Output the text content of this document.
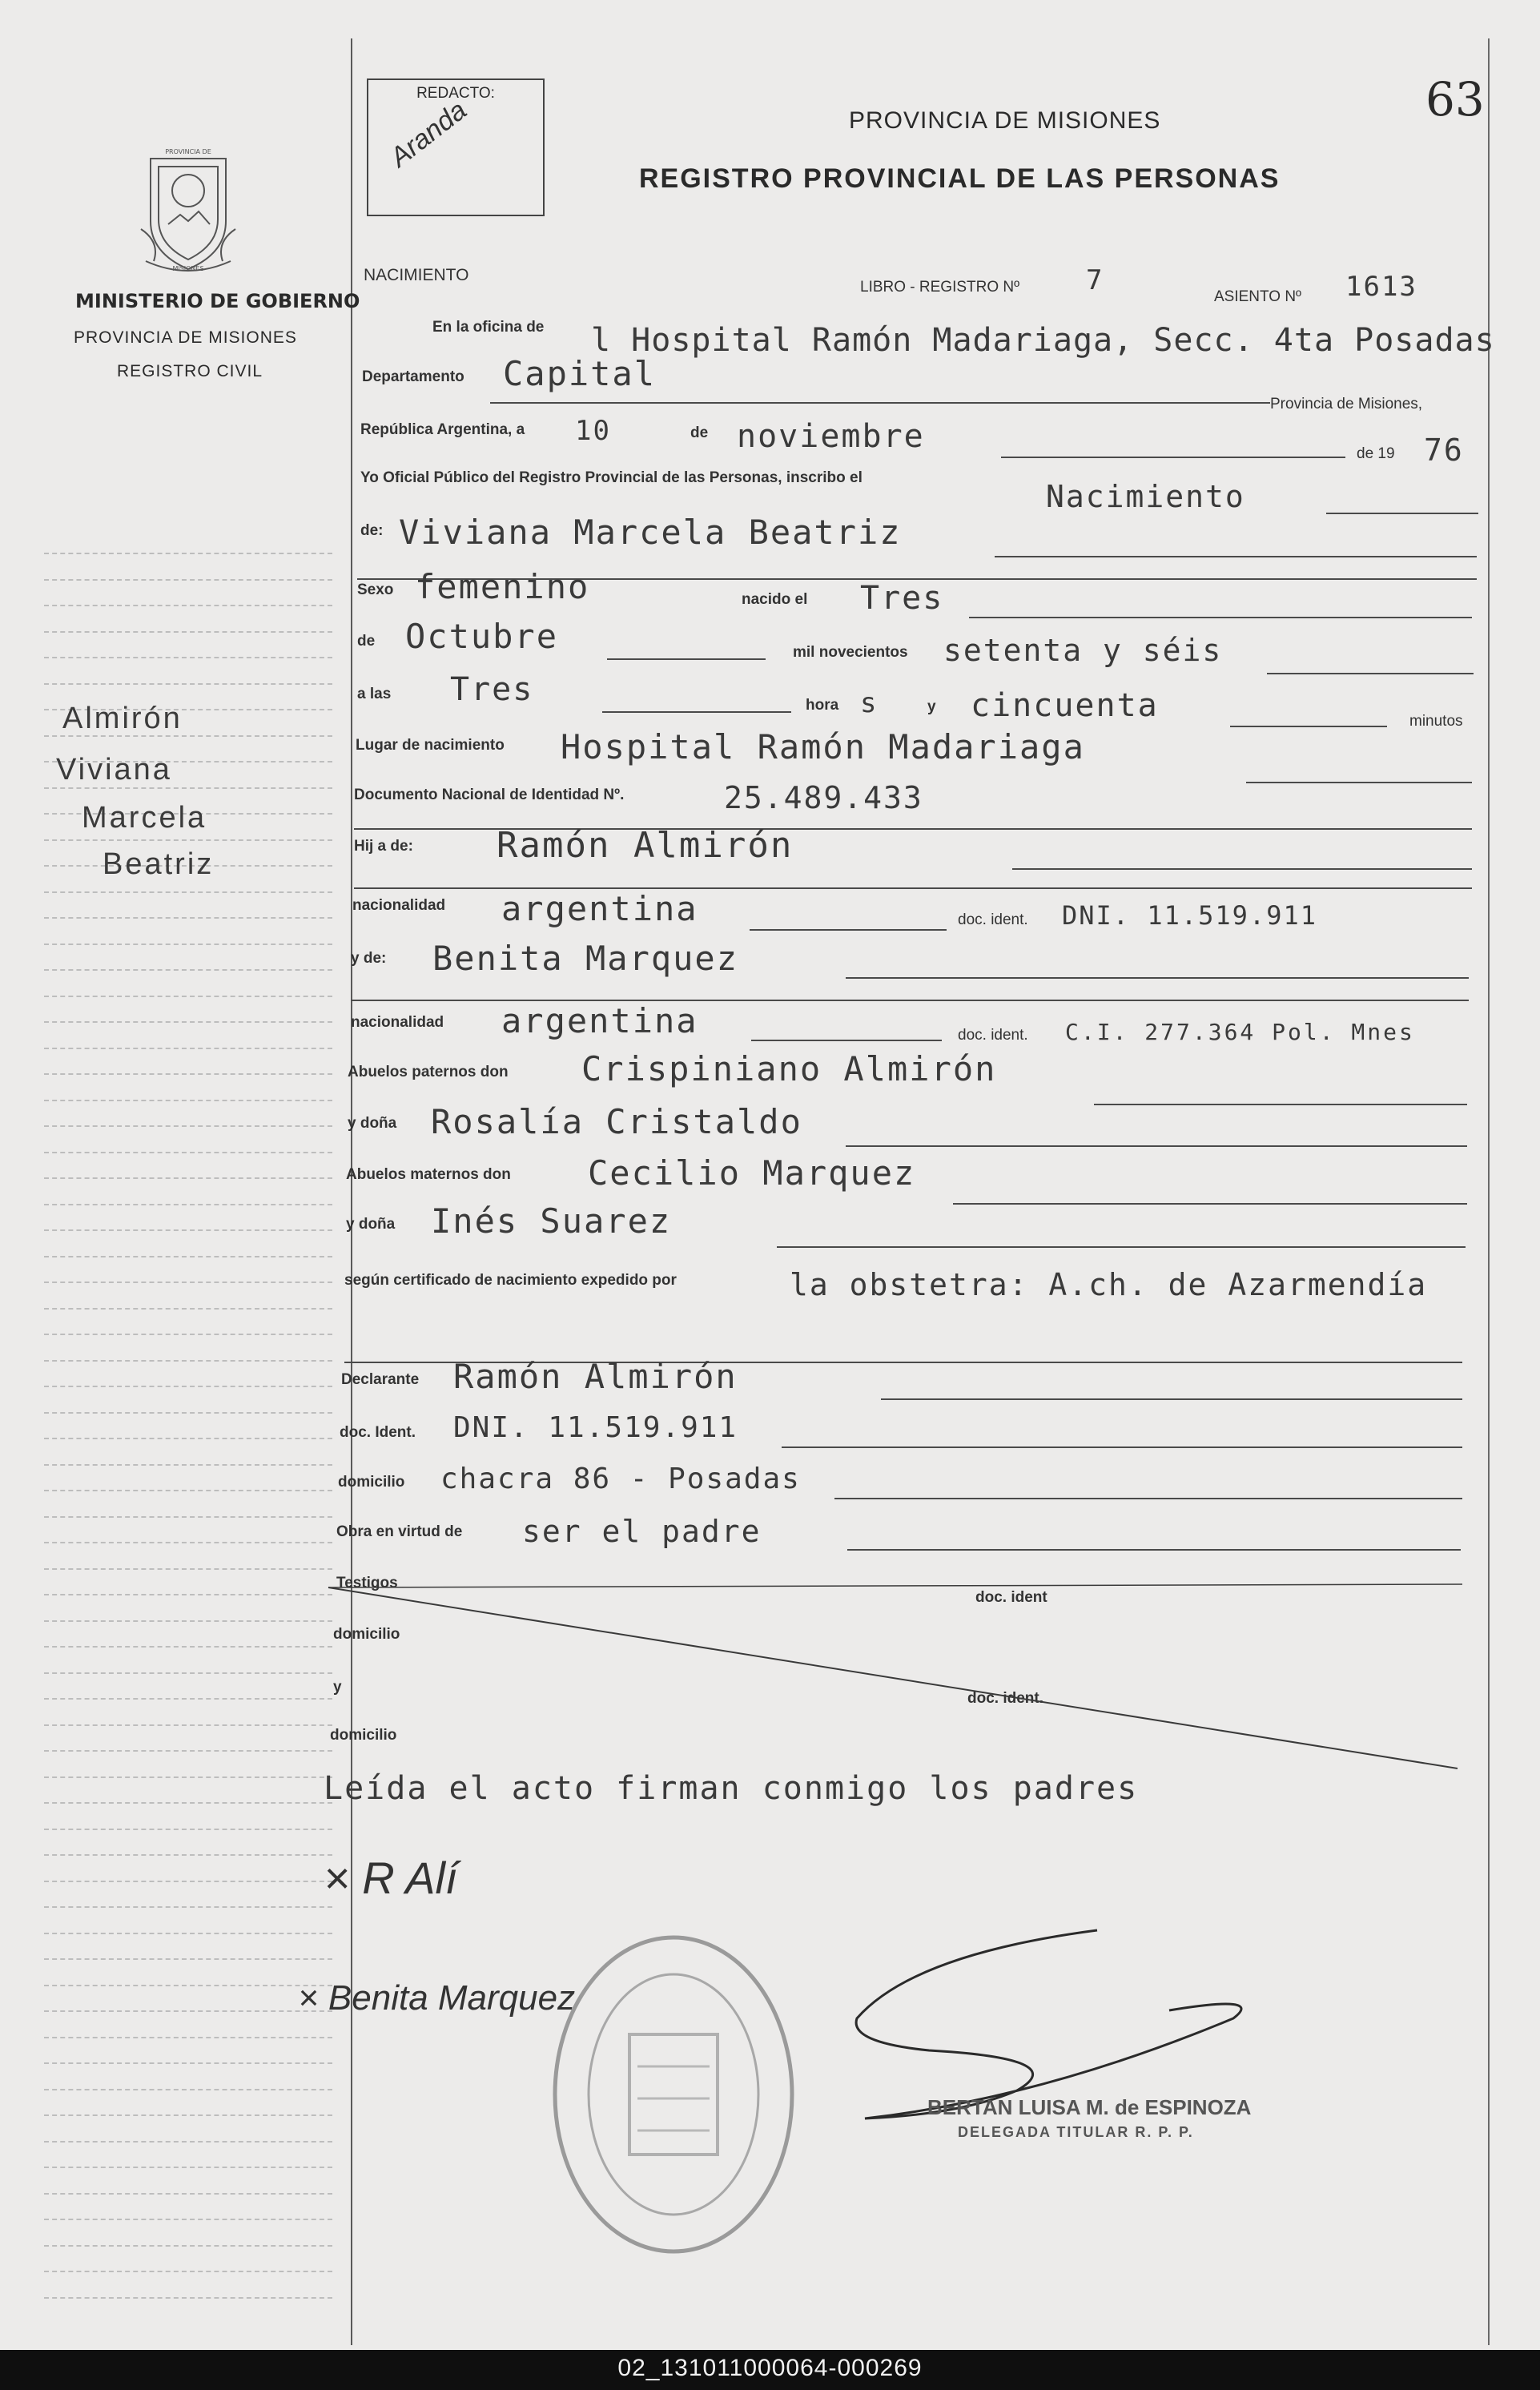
PROVINCIA DE
MISIONES
MINISTERIO DE GOBIERNO
PROVINCIA DE MISIONES
REGISTRO CIVIL
Almirón
Viviana
Marcela
Beatriz
REDACTO:
Aranda	63
PROVINCIA DE MISIONES
REGISTRO PROVINCIAL DE LAS PERSONAS
NACIMIENTO
LIBRO - REGISTRO Nº 7
ASIENTO Nº 1613
En la oficina de l Hospital Ramón Madariaga, Secc. 4ta Posadas
Departamento Capital
Provincia de Misiones,
República Argentina, a 10	de noviembre	de 19 76
Yo Oficial Público del Registro Provincial de las Personas, inscribo el
Nacimiento
de: Viviana Marcela Beatriz
Sexo femenino	nacido el Tres
de Octubre	mil novecientos setenta y séis
a las Tres	hora s	y cincuenta	minutos
Lugar de nacimiento Hospital Ramón Madariaga
Documento Nacional de Identidad Nº.	25.489.433
Hij a de: Ramón Almirón
nacionalidad argentina	doc. ident. DNI. 11.519.911
y de: Benita Marquez
nacionalidad argentina	doc. ident. C.I. 277.364 Pol. Mnes
Abuelos paternos don Crispiniano Almirón
y doña Rosalía Cristaldo
Abuelos maternos don Cecilio Marquez
y doña Inés Suarez
según certificado de nacimiento expedido por	la obstetra: A.ch. de Azarmendía
Declarante Ramón Almirón
doc. Ident. DNI. 11.519.911
domicilio chacra 86 - Posadas
Obra en virtud de ser el padre
Testigos
doc. ident
domicilio
y
doc. ident.
domicilio
Leída el acto firman conmigo los padres
× R Alí
× Benita Marquez
BERTAN LUISA M. de ESPINOZA
DELEGADA TITULAR R. P. P.
02_131011000064-000269
